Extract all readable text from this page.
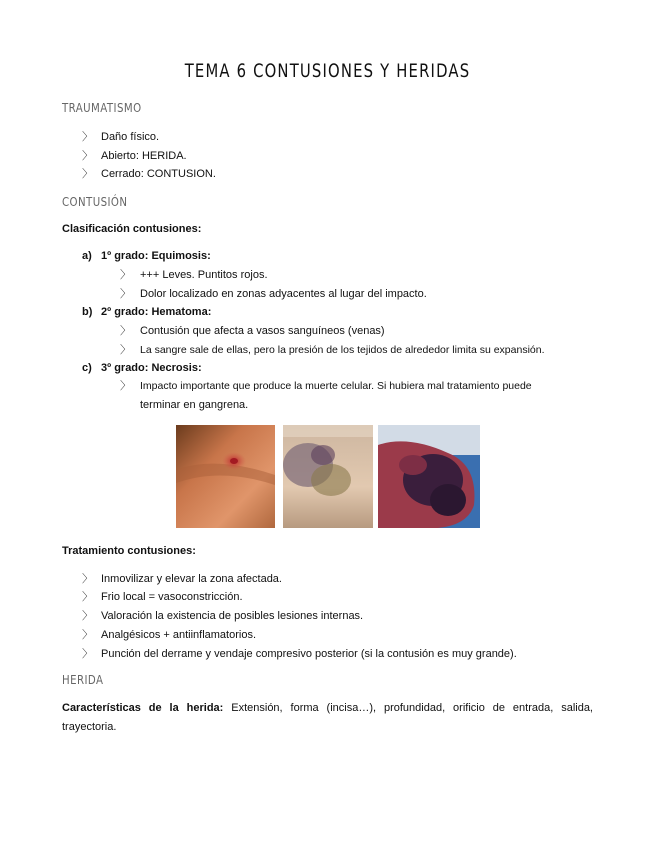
TEMA 6 CONTUSIONES Y HERIDAS
TRAUMATISMO
〉 Daño físico.
〉 Abierto: HERIDA.
〉 Cerrado: CONTUSION.
CONTUSIÓN
Clasificación contusiones:
a) 1º grado: Equimosis:
〉 +++ Leves. Puntitos rojos.
〉 Dolor localizado en zonas adyacentes al lugar del impacto.
b) 2º grado: Hematoma:
〉 Contusión que afecta a vasos sanguíneos (venas)
〉 La sangre sale de ellas, pero la presión de los tejidos de alrededor limita su expansión.
c) 3º grado: Necrosis:
〉 Impacto importante que produce la muerte celular. Si hubiera mal tratamiento puede
terminar en gangrena.
Tratamiento contusiones:
〉 Inmovilizar y elevar la zona afectada.
〉 Frio local = vasoconstricción.
〉 Valoración la existencia de posibles lesiones internas.
〉 Analgésicos + antiinflamatorios.
〉 Punción del derrame y vendaje compresivo posterior (si la contusión es muy grande).
HERIDA
Características de la herida: Extensión, forma (incisa…), profundidad, orificio de entrada, salida,
trayectoria.
